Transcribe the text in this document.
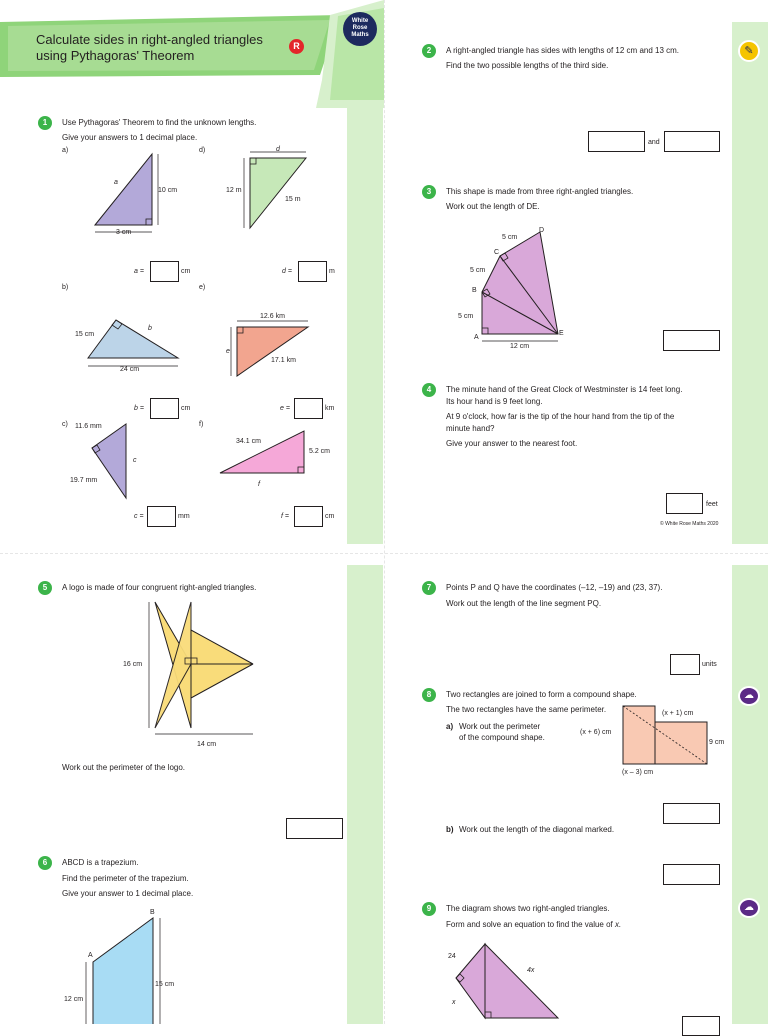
Calculate sides in right-angled triangles
using Pythagoras' Theorem
R
White
Rose
Maths
1	Use Pythagoras' Theorem to find the unknown lengths.
Give your answers to 1 decimal place.
a)
a
10 cm
3 cm
a =	cm
d)	d
12 m
15 m
d =	m
b)
15 cm
b
24 cm
b =	cm
e)
12.6 km
e
17.1 km
e =	km
c) 11.6 mm
19.7 mm
c
c =	mm
f)
34.1 cm
5.2 cm
f
f =	cm
✎
2	A right-angled triangle has sides with lengths of 12 cm and 13 cm.
Find the two possible lengths of the third side.
and
3	This shape is made from three right-angled triangles.
Work out the length of DE.
A
B
C
D
E
5 cm
5 cm
5 cm
12 cm
4	The minute hand of the Great Clock of Westminster is 14 feet long.
Its hour hand is 9 feet long.
At 9 o'clock, how far is the tip of the hour hand from the tip of the
minute hand?
Give your answer to the nearest foot.
feet
© White Rose Maths 2020
5	A logo is made of four congruent right-angled triangles.
16 cm
14 cm
Work out the perimeter of the logo.
6	ABCD is a trapezium.
Find the perimeter of the trapezium.
Give your answer to 1 decimal place.
A
B
12 cm
15 cm
☁
☁
7	Points P and Q have the coordinates (–12, –19) and (23, 37).
Work out the length of the line segment PQ.
units
8	Two rectangles are joined to form a compound shape.
The two rectangles have the same perimeter.
a) Work out the perimeter
of the compound shape.
(x + 1) cm
(x + 6) cm
9 cm
(x – 3) cm
b) Work out the length of the diagonal marked.
9	The diagram shows two right-angled triangles.
Form and solve an equation to find the value of x.
24
4x
x
